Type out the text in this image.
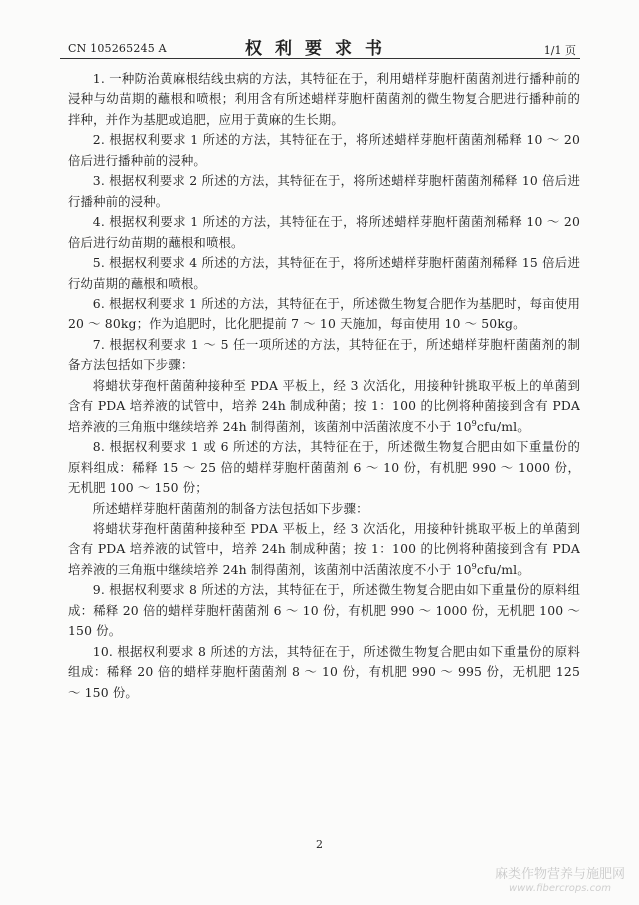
CN 105265245 A	权利要求书	1/1 页

1. 一种防治黄麻根结线虫病的方法，其特征在于，利用蜡样芽胞杆菌菌剂进行播种前的浸种与幼苗期的蘸根和喷根；利用含有所述蜡样芽胞杆菌菌剂的微生物复合肥进行播种前的拌种，并作为基肥或追肥，应用于黄麻的生长期。

2. 根据权利要求 1 所述的方法，其特征在于，将所述蜡样芽胞杆菌菌剂稀释 10 ～ 20 倍后进行播种前的浸种。

3. 根据权利要求 2 所述的方法，其特征在于，将所述蜡样芽胞杆菌菌剂稀释 10 倍后进行播种前的浸种。

4. 根据权利要求 1 所述的方法，其特征在于，将所述蜡样芽胞杆菌菌剂稀释 10 ～ 20 倍后进行幼苗期的蘸根和喷根。

5. 根据权利要求 4 所述的方法，其特征在于，将所述蜡样芽胞杆菌菌剂稀释 15 倍后进行幼苗期的蘸根和喷根。

6. 根据权利要求 1 所述的方法，其特征在于，所述微生物复合肥作为基肥时，每亩使用 20 ～ 80kg；作为追肥时，比化肥提前 7 ～ 10 天施加，每亩使用 10 ～ 50kg。

7. 根据权利要求 1 ～ 5 任一项所述的方法，其特征在于，所述蜡样芽胞杆菌菌剂的制备方法包括如下步骤：

将蜡状芽孢杆菌菌种接种至 PDA 平板上，经 3 次活化，用接种针挑取平板上的单菌到含有 PDA 培养液的试管中，培养 24h 制成种菌；按 1：100 的比例将种菌接到含有 PDA 培养液的三角瓶中继续培养 24h 制得菌剂，该菌剂中活菌浓度不小于 $10^9cfu/ml$。

8. 根据权利要求 1 或 6 所述的方法，其特征在于，所述微生物复合肥由如下重量份的原料组成：稀释 15 ～ 25 倍的蜡样芽胞杆菌菌剂 6 ～ 10 份，有机肥 990 ～ 1000 份，无机肥 100 ～ 150 份；

所述蜡样芽胞杆菌菌剂的制备方法包括如下步骤：

将蜡状芽孢杆菌菌种接种至 PDA 平板上，经 3 次活化，用接种针挑取平板上的单菌到含有 PDA 培养液的试管中，培养 24h 制成种菌；按 1：100 的比例将种菌接到含有 PDA 培养液的三角瓶中继续培养 24h 制得菌剂，该菌剂中活菌浓度不小于 $10^9cfu/ml$。

9. 根据权利要求 8 所述的方法，其特征在于，所述微生物复合肥由如下重量份的原料组成：稀释 20 倍的蜡样芽胞杆菌菌剂 6 ～ 10 份，有机肥 990 ～ 1000 份，无机肥 100 ～ 150 份。

10. 根据权利要求 8 所述的方法，其特征在于，所述微生物复合肥由如下重量份的原料组成：稀释 20 倍的蜡样芽胞杆菌菌剂 8 ～ 10 份，有机肥 990 ～ 995 份，无机肥 125 ～ 150 份。

2
麻类作物营养与施肥网
www.fibercrops.com
